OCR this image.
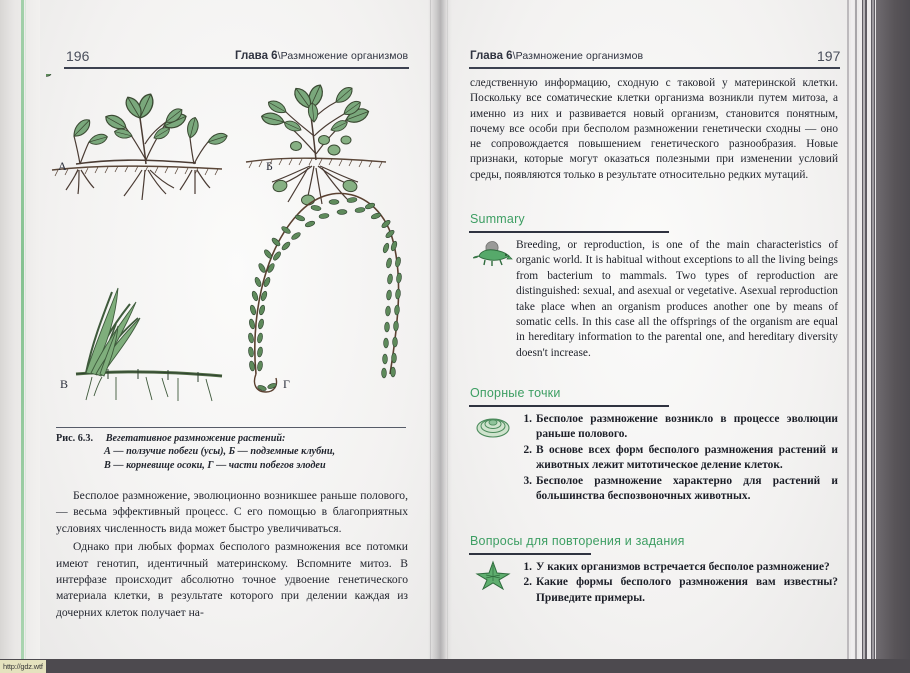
196	Глава 6\Размножение организмов
А	Б
В	Г
Рис. 6.3. Вегетативное размножение растений:
А — ползучие побеги (усы), Б — подземные клубни,
В — корневище осоки, Г — части побегов элодеи

Бесполое размножение, эволюционно возникшее раньше полового, — весьма эффективный процесс. С его помощью в благоприятных условиях численность вида может быстро увеличиваться.

Однако при любых формах бесполого размножения все потомки имеют генотип, идентичный материнскому. Вспомните митоз. В интерфазе происходит абсолютно точное удвоение генетического материала клетки, в результате которого при делении каждая из дочерних клеток получает на-

Глава 6\Размножение организмов	197
следственную информацию, сходную с таковой у материнской клетки. Поскольку все соматические клетки организма возникли путем митоза, а именно из них и развивается новый организм, становится понятным, почему все особи при бесполом размножении генетически сходны — оно не сопровождается повышением генетического разнообразия. Новые признаки, которые могут оказаться полезными при изменении условий среды, появляются только в результате относительно редких мутаций.
Summary
Breeding, or reproduction, is one of the main characteristics of organic world. It is habitual without exceptions to all the living beings from bacterium to mammals. Two types of reproduction are distinguished: sexual, and asexual or vegetative. Asexual reproduction take place when an organism produces another one by means of somatic cells. In this case all the offsprings of the organism are equal in hereditary information to the parental one, and hereditary diversity doesn't increase.
Опорные точки
Бесполое размножение возникло в процессе эволюции раньше полового.
В основе всех форм бесполого размножения растений и животных лежит митотическое деление клеток.
Бесполое размножение характерно для растений и большинства беспозвоночных животных.
Вопросы для повторения и задания
У каких организмов встречается бесполое размножение?
Какие формы бесполого размножения вам известны? Приведите примеры.
http://gdz.wtf
